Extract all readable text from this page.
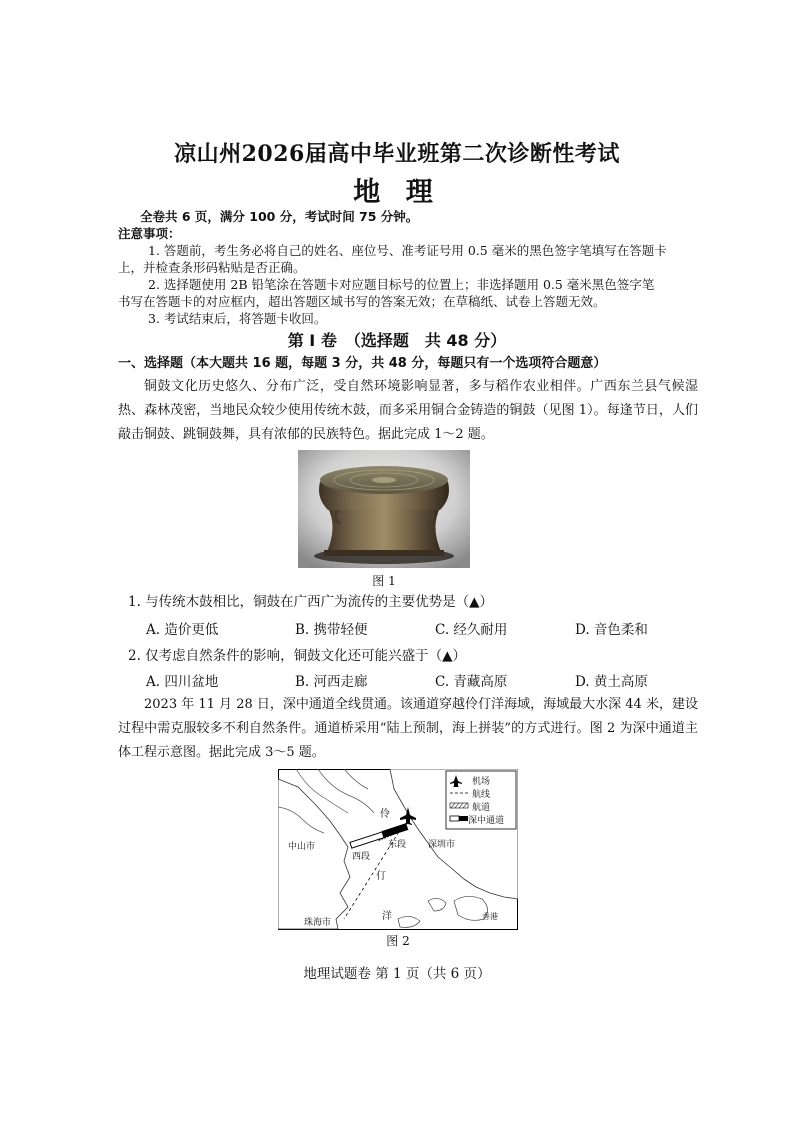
凉山州2026届高中毕业班第二次诊断性考试
地 理
全卷共 6 页，满分 100 分，考试时间 75 分钟。
注意事项：
1. 答题前，考生务必将自己的姓名、座位号、准考证号用 0.5 毫米的黑色签字笔填写在答题卡
上，并检查条形码粘贴是否正确。
2. 选择题使用 2B 铅笔涂在答题卡对应题目标号的位置上；非选择题用 0.5 毫米黑色签字笔
书写在答题卡的对应框内，超出答题区域书写的答案无效；在草稿纸、试卷上答题无效。
3. 考试结束后，将答题卡收回。
第 Ⅰ 卷　（选择题　共 48 分）
一、选择题（本大题共 16 题，每题 3 分，共 48 分，每题只有一个选项符合题意）
铜鼓文化历史悠久、分布广泛，受自然环境影响显著，多与稻作农业相伴。广西东兰县气候湿热、森林茂密，当地民众较少使用传统木鼓，而多采用铜合金铸造的铜鼓（见图 1）。每逢节日，人们敲击铜鼓、跳铜鼓舞，具有浓郁的民族特色。据此完成 1～2 题。
图 1
1. 与传统木鼓相比，铜鼓在广西广为流传的主要优势是（▲）
A. 造价更低	B. 携带轻便	C. 经久耐用	D. 音色柔和
2. 仅考虑自然条件的影响，铜鼓文化还可能兴盛于（▲）
A. 四川盆地	B. 河西走廊	C. 青藏高原	D. 黄土高原
2023 年 11 月 28 日，深中通道全线贯通。该通道穿越伶仃洋海域，海域最大水深 44 米，建设过程中需克服较多不利自然条件。通道桥采用“陆上预制，海上拼装”的方式进行。图 2 为深中通道主体工程示意图。据此完成 3～5 题。
机场
航线
航道
深中通道
伶
仃
洋
中山市	深圳市
珠海市
香港
西段
东段
图 2
地理试题卷 第 1 页（共 6 页）
